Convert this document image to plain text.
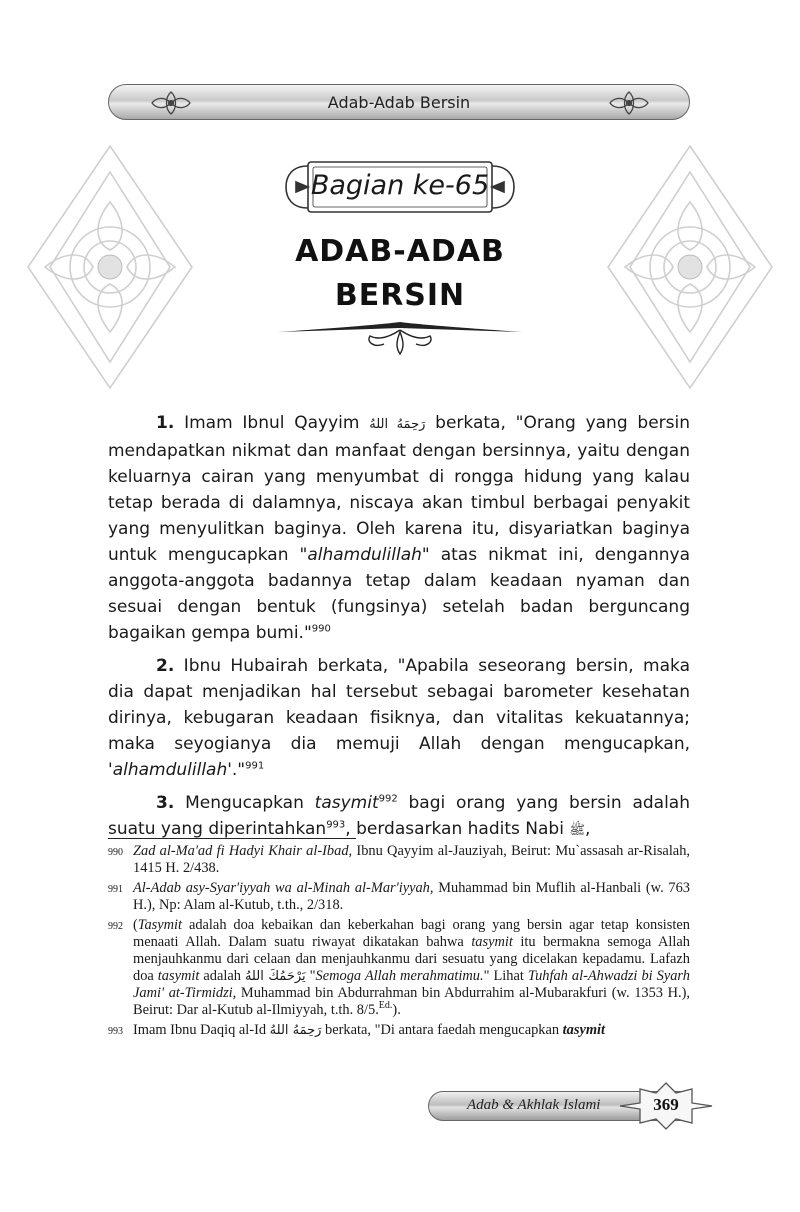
Adab-Adab Bersin
Bagian ke-65
ADAB-ADAB
BERSIN

1. Imam Ibnul Qayyim رَحِمَهُ اللهُ berkata, "Orang yang bersin mendapatkan nikmat dan manfaat dengan bersinnya, yaitu dengan keluarnya cairan yang menyumbat di rongga hidung yang kalau tetap berada di dalamnya, niscaya akan timbul berbagai penyakit yang menyulitkan baginya. Oleh karena itu, disyariatkan baginya untuk mengucapkan "alhamdulillah" atas nikmat ini, dengannya anggota-anggota badannya tetap dalam keadaan nyaman dan sesuai dengan bentuk (fungsinya) setelah badan berguncang bagaikan gempa bumi."$^{990}$

2. Ibnu Hubairah berkata, "Apabila seseorang bersin, maka dia dapat menjadikan hal tersebut sebagai barometer kesehatan dirinya, kebugaran keadaan fisiknya, dan vitalitas kekuatannya; maka seyogianya dia memuji Allah dengan mengucapkan, 'alhamdulillah'."$^{991}$

3. Mengucapkan tasymit$^{992}$ bagi orang yang bersin adalah suatu yang diperintahkan$^{993}$, berdasarkan hadits Nabi ﷺ,

990 Zad al-Ma'ad fi Hadyi Khair al-Ibad, Ibnu Qayyim al-Jauziyah, Beirut: Mu`assasah ar-Risalah, 1415 H. 2/438.
991 Al-Adab asy-Syar'iyyah wa al-Minah al-Mar'iyyah, Muhammad bin Muflih al-Hanbali (w. 763 H.), Np: Alam al-Kutub, t.th., 2/318.
992 (Tasymit adalah doa kebaikan dan keberkahan bagi orang yang bersin agar tetap konsisten menaati Allah. Dalam suatu riwayat dikatakan bahwa tasymit itu bermakna semoga Allah menjauhkanmu dari celaan dan menjauhkanmu dari sesuatu yang dicelakan kepadamu. Lafazh doa tasymit adalah يَرْحَمُكَ اللهُ "Semoga Allah merahmatimu." Lihat Tuhfah al-Ahwadzi bi Syarh Jami' at-Tirmidzi, Muhammad bin Abdurrahman bin Abdurrahim al-Mubarakfuri (w. 1353 H.), Beirut: Dar al-Kutub al-Ilmiyyah, t.th. 8/5.$^{Ed.}$).
993 Imam Ibnu Daqiq al-Id رَحِمَهُ اللهُ berkata, "Di antara faedah mengucapkan tasymit
Adab & Akhlak Islami	369
